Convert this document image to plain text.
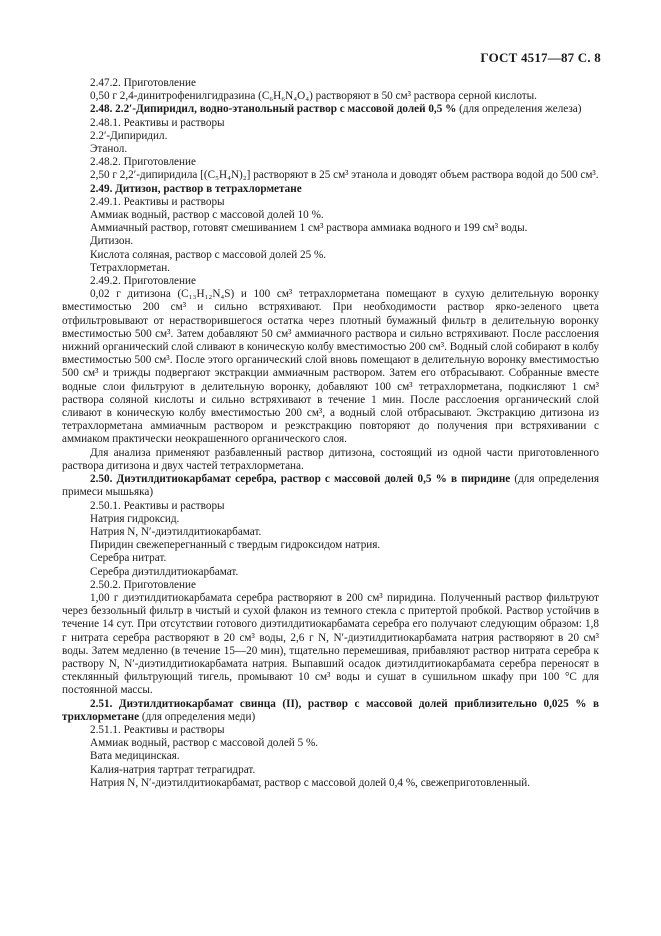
ГОСТ 4517—87 С. 8

2.47.2. Приготовление

0,50 г 2,4-динитрофенилгидразина (C₆H₆N₄O₄) растворяют в 50 см³ раствора серной кислоты.

2.48. 2.2′-Дипиридил, водно-этанольный раствор с массовой долей 0,5 % (для определения железа)

2.48.1. Реактивы и растворы

2.2′-Дипиридил.

Этанол.

2.48.2. Приготовление

2,50 г 2,2′-дипиридила [(C₅H₄N)₂] растворяют в 25 см³ этанола и доводят объем раствора водой до 500 см³.

2.49. Дитизон, раствор в тетрахлорметане

2.49.1. Реактивы и растворы

Аммиак водный, раствор с массовой долей 10 %.

Аммиачный раствор, готовят смешиванием 1 см³ раствора аммиака водного и 199 см³ воды.

Дитизон.

Кислота соляная, раствор с массовой долей 25 %.

Тетрахлорметан.

2.49.2. Приготовление

0,02 г дитизона (C₁₃H₁₂N₄S) и 100 см³ тетрахлорметана помещают в сухую делительную воронку вместимостью 200 см³ и сильно встряхивают. При необходимости раствор ярко-зеленого цвета отфильтровывают от нерастворившегося остатка через плотный бумажный фильтр в делительную воронку вместимостью 500 см³. Затем добавляют 50 см³ аммиачного раствора и сильно встряхивают. После расслоения нижний органический слой сливают в коническую колбу вместимостью 200 см³. Водный слой собирают в колбу вместимостью 500 см³. После этого органический слой вновь помещают в делительную воронку вместимостью 500 см³ и трижды подвергают экстракции аммиачным раствором. Затем его отбрасывают. Собранные вместе водные слои фильтруют в делительную воронку, добавляют 100 см³ тетрахлорметана, подкисляют 1 см³ раствора соляной кислоты и сильно встряхивают в течение 1 мин. После расслоения органический слой сливают в коническую колбу вместимостью 200 см³, а водный слой отбрасывают. Экстракцию дитизона из тетрахлорметана аммиачным раствором и реэкстракцию повторяют до получения при встряхивании с аммиаком практически неокрашенного органического слоя.

Для анализа применяют разбавленный раствор дитизона, состоящий из одной части приготовленного раствора дитизона и двух частей тетрахлорметана.

2.50. Диэтилдитиокарбамат серебра, раствор с массовой долей 0,5 % в пиридине (для определения примеси мышьяка)

2.50.1. Реактивы и растворы

Натрия гидроксид.

Натрия N, N′-диэтилдитиокарбамат.

Пиридин свежеперегнанный с твердым гидроксидом натрия.

Серебра нитрат.

Серебра диэтилдитиокарбамат.

2.50.2. Приготовление

1,00 г диэтилдитиокарбамата серебра растворяют в 200 см³ пиридина. Полученный раствор фильтруют через беззольный фильтр в чистый и сухой флакон из темного стекла с притертой пробкой. Раствор устойчив в течение 14 сут. При отсутствии готового диэтилдитиокарбамата серебра его получают следующим образом: 1,8 г нитрата серебра растворяют в 20 см³ воды, 2,6 г N, N′-диэтилдитиокарбамата натрия растворяют в 20 см³ воды. Затем медленно (в течение 15—20 мин), тщательно перемешивая, прибавляют раствор нитрата серебра к раствору N, N′-диэтилдитиокарбамата натрия. Выпавший осадок диэтилдитиокарбамата серебра переносят в стеклянный фильтрующий тигель, промывают 10 см³ воды и сушат в сушильном шкафу при 100 °С для постоянной массы.

2.51. Диэтилдитиокарбамат свинца (II), раствор с массовой долей приблизительно 0,025 % в трихлорметане (для определения меди)

2.51.1. Реактивы и растворы

Аммиак водный, раствор с массовой долей 5 %.

Вата медицинская.

Калия-натрия тартрат тетрагидрат.

Натрия N, N′-диэтилдитиокарбамат, раствор с массовой долей 0,4 %, свежеприготовленный.
